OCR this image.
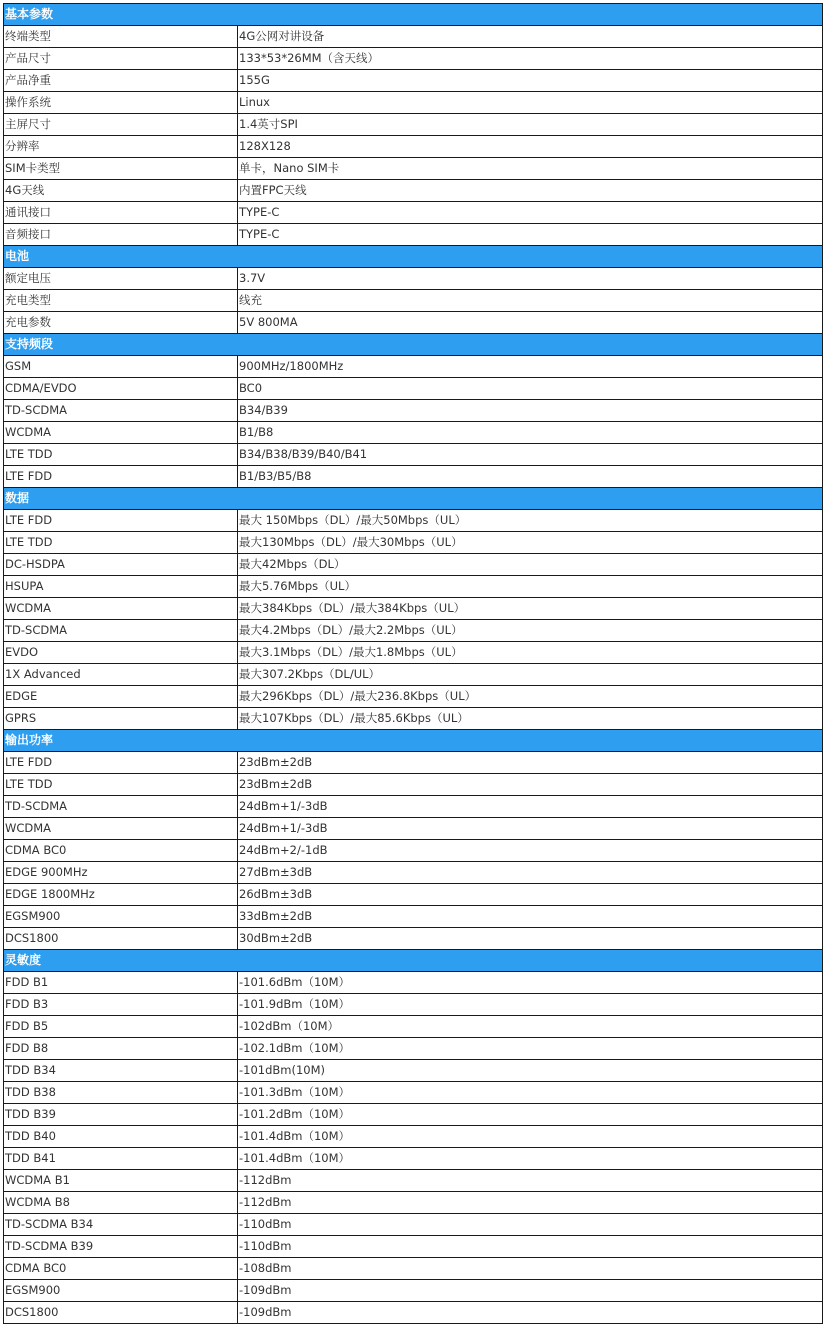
基本参数	
终端类型	4G公网对讲设备
产品尺寸	133*53*26MM（含天线）
产品净重	155G
操作系统	Linux
主屏尺寸	1.4英寸SPI
分辨率	128X128
SIM卡类型	单卡，Nano SIM卡
4G天线	内置FPC天线
通讯接口	TYPE-C
音频接口	TYPE-C
电池	
额定电压	3.7V
充电类型	线充
充电参数	5V 800MA
支持频段	
GSM	900MHz/1800MHz
CDMA/EVDO	BC0
TD-SCDMA	B34/B39
WCDMA	B1/B8
LTE TDD	B34/B38/B39/B40/B41
LTE FDD	B1/B3/B5/B8
数据	
LTE FDD	最大 150Mbps（DL）/最大50Mbps（UL）
LTE TDD	最大130Mbps（DL）/最大30Mbps（UL）
DC-HSDPA	最大42Mbps（DL）
HSUPA	最大5.76Mbps（UL）
WCDMA	最大384Kbps（DL）/最大384Kbps（UL）
TD-SCDMA	最大4.2Mbps（DL）/最大2.2Mbps（UL）
EVDO	最大3.1Mbps（DL）/最大1.8Mbps（UL）
1X Advanced	最大307.2Kbps（DL/UL）
EDGE	最大296Kbps（DL）/最大236.8Kbps（UL）
GPRS	最大107Kbps（DL）/最大85.6Kbps（UL）
输出功率	
LTE FDD	23dBm±2dB
LTE TDD	23dBm±2dB
TD-SCDMA	24dBm+1/-3dB
WCDMA	24dBm+1/-3dB
CDMA BC0	24dBm+2/-1dB
EDGE 900MHz	27dBm±3dB
EDGE 1800MHz	26dBm±3dB
EGSM900	33dBm±2dB
DCS1800	30dBm±2dB
灵敏度	
FDD B1	-101.6dBm（10M）
FDD B3	-101.9dBm（10M）
FDD B5	-102dBm（10M）
FDD B8	-102.1dBm（10M）
TDD B34	-101dBm(10M)
TDD B38	-101.3dBm（10M）
TDD B39	-101.2dBm（10M）
TDD B40	-101.4dBm（10M）
TDD B41	-101.4dBm（10M）
WCDMA B1	-112dBm
WCDMA B8	-112dBm
TD-SCDMA B34	-110dBm
TD-SCDMA B39	-110dBm
CDMA BC0	-108dBm
EGSM900	-109dBm
DCS1800	-109dBm
